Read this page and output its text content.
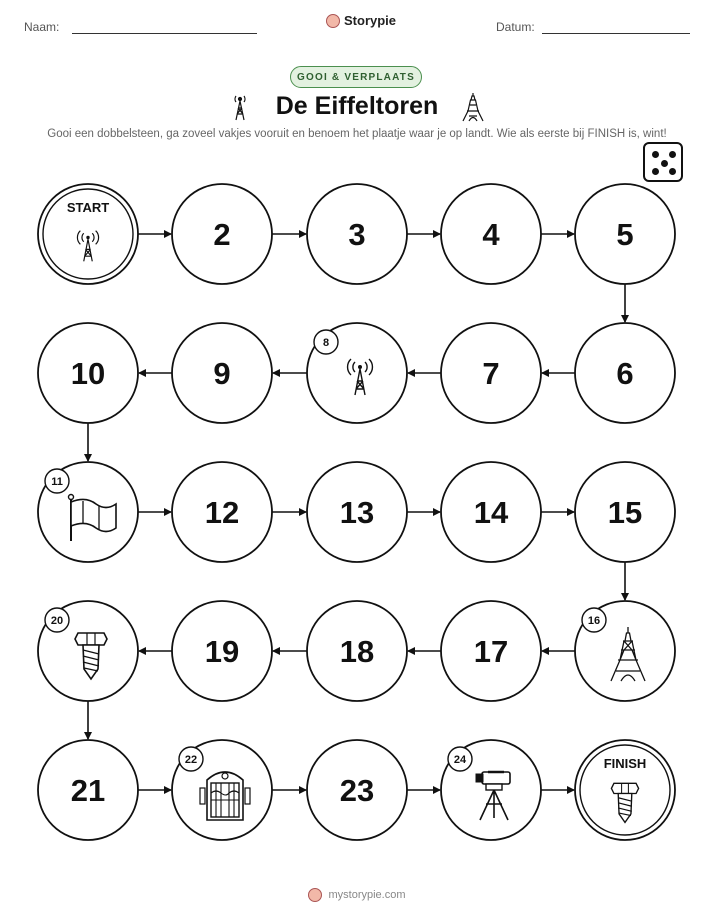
Naam:	Storypie	Datum:
GOOI & VERPLAATS
De Eiffeltoren
Gooi een dobbelsteen, ga zoveel vakjes vooruit en benoem het plaatje waar je op landt. Wie als eerste bij FINISH is, wint!
START
2	3	4	5
6
7
8
9
10
11
12	13	14	15
16
17
18
19
20
21
22
23
24	FINISH
mystorypie.com
